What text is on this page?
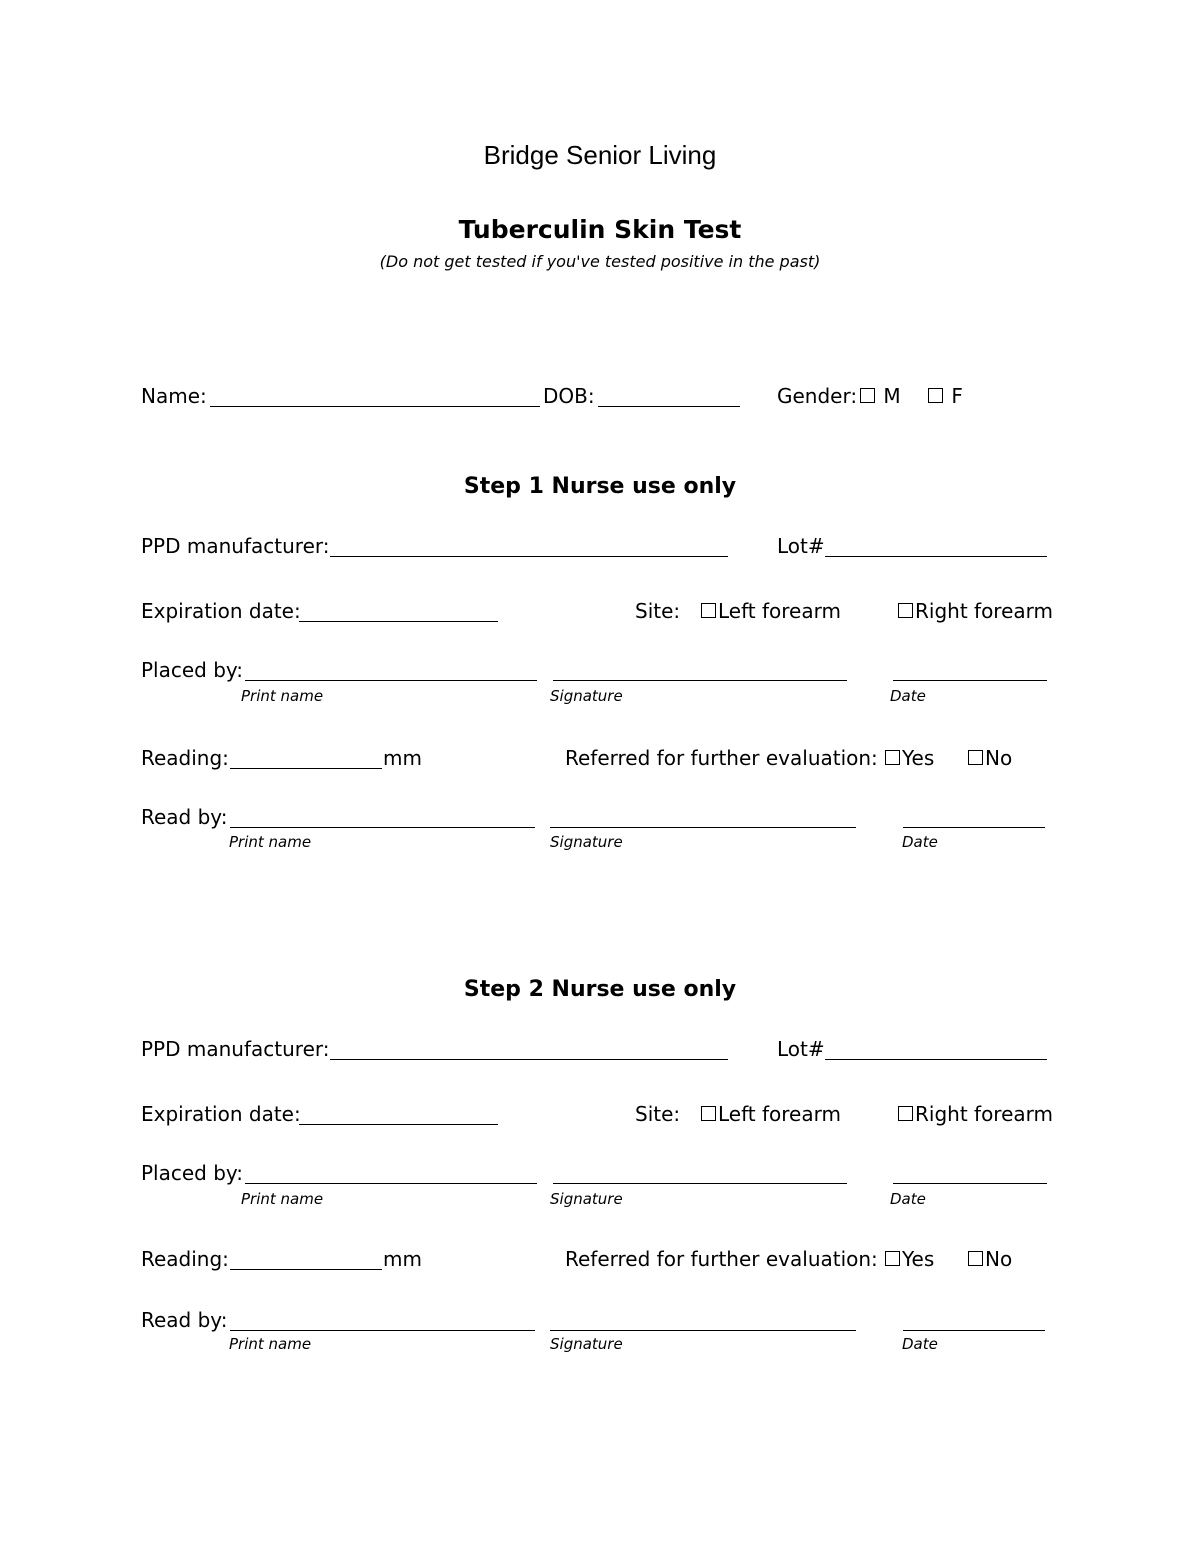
Bridge Senior Living
Tuberculin Skin Test
(Do not get tested if you've tested positive in the past)
Name:	DOB:	Gender:	M	F
Step 1 Nurse use only
PPD manufacturer:	Lot#
Expiration date:	Site:	Left forearm	Right forearm
Placed by:
Print name	Signature	Date
Reading:	mm	Referred for further evaluation:	Yes	No
Read by:
Print name	Signature	Date
Step 2 Nurse use only
PPD manufacturer:	Lot#
Expiration date:	Site:	Left forearm	Right forearm
Placed by:
Print name	Signature	Date
Reading:	mm	Referred for further evaluation:	Yes	No
Read by:
Print name	Signature	Date
